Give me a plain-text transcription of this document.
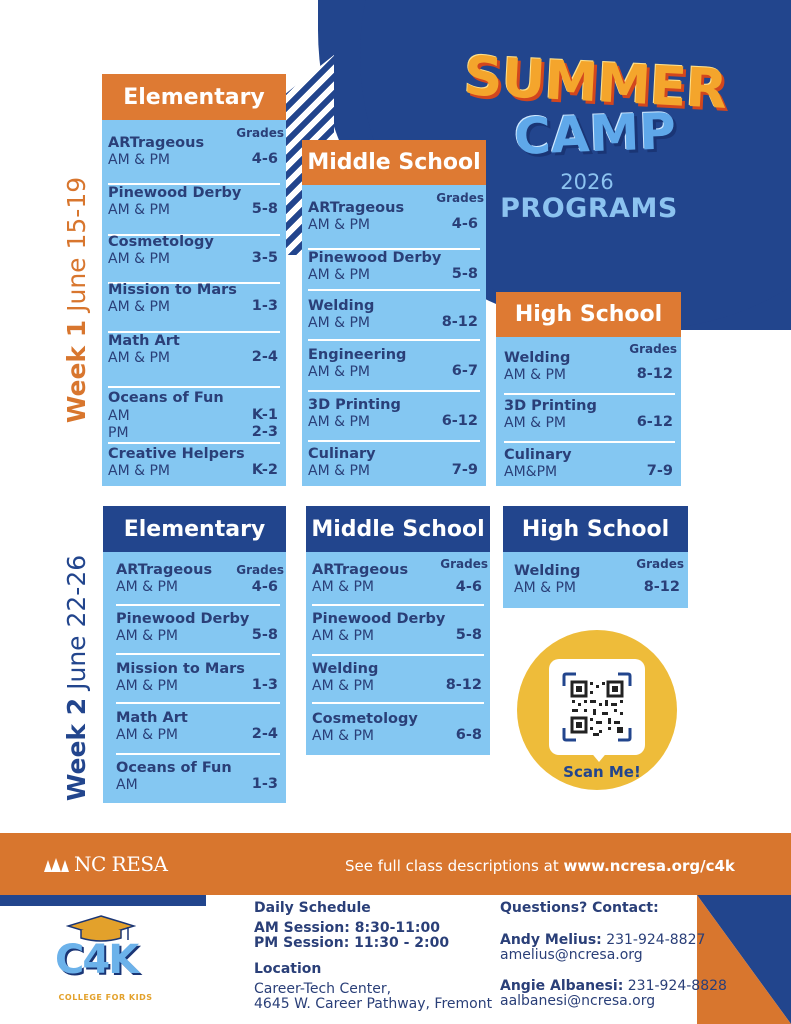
SUMMER
CAMP
2026
PROGRAMS
Week 1 June 15-19
Week 2 June 22-26
Grades
ARTrageous
AM & PM	4-6
Pinewood Derby
AM & PM	5-8
Cosmetology
AM & PM	3-5
Mission to Mars
AM & PM	1-3
Math Art
AM & PM	2-4
Oceans of Fun
AM	K-1
PM	2-3
Creative Helpers
AM & PM	K-2
Elementary
Grades
ARTrageous
AM & PM	4-6
Pinewood Derby
AM & PM	5-8
Welding
AM & PM	8-12
Engineering
AM & PM	6-7
3D Printing
AM & PM	6-12
Culinary
AM & PM	7-9
Middle School
Grades
Welding
AM & PM	8-12
3D Printing
AM & PM	6-12
Culinary
AM&PM	7-9
High School
Grades
ARTrageous
AM & PM	4-6
Pinewood Derby
AM & PM	5-8
Mission to Mars
AM & PM	1-3
Math Art
AM & PM	2-4
Oceans of Fun
AM	1-3
Elementary
Grades
ARTrageous
AM & PM	4-6
Pinewood Derby
AM & PM	5-8
Welding
AM & PM	8-12
Cosmetology
AM & PM	6-8
Middle School
Grades
Welding
AM & PM	8-12
High School
Scan Me!
NC RESA	See full class descriptions at www.ncresa.org/c4k
C4K
COLLEGE FOR KIDS
Daily Schedule
AM Session: 8:30-11:00
PM Session: 11:30 - 2:00
Location
Career-Tech Center,
4645 W. Career Pathway, Fremont
Questions? Contact:
Andy Melius: 231-924-8827
amelius@ncresa.org
Angie Albanesi: 231-924-8828
aalbanesi@ncresa.org
